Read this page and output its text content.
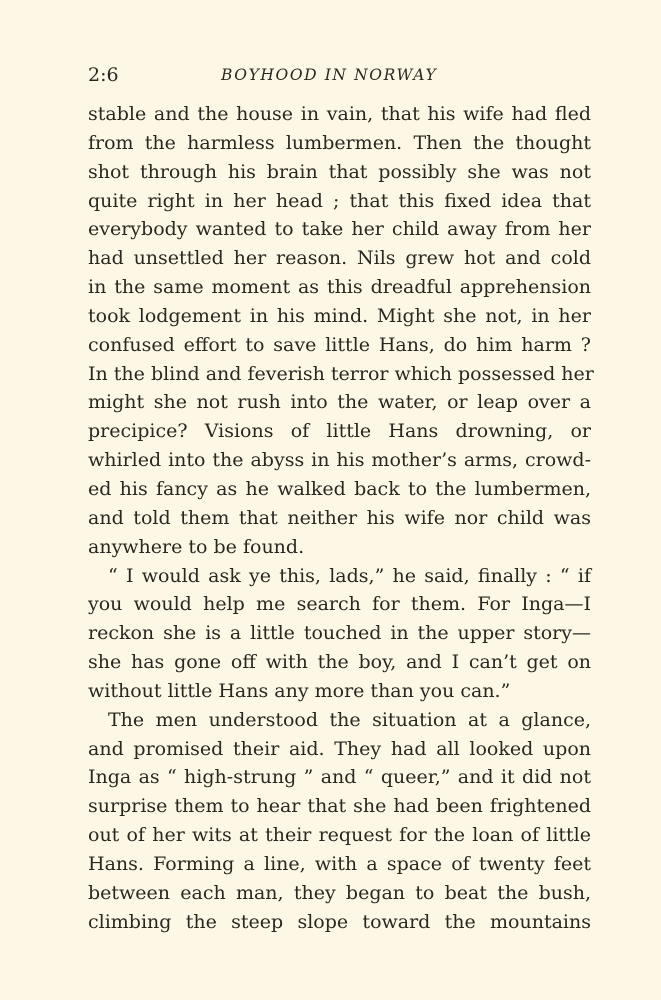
2:6	BOYHOOD IN NORWAY
stable and the house in vain, that his wife had fled
from the harmless lumbermen. Then the thought
shot through his brain that possibly she was not
quite right in her head ; that this fixed idea that
everybody wanted to take her child away from her
had unsettled her reason. Nils grew hot and cold
in the same moment as this dreadful apprehension
took lodgement in his mind. Might she not, in her
confused effort to save little Hans, do him harm ?
In the blind and feverish terror which possessed her
might she not rush into the water, or leap over a
precipice? Visions of little Hans drowning, or
whirled into the abyss in his mother’s arms, crowd-
ed his fancy as he walked back to the lumbermen,
and told them that neither his wife nor child was
anywhere to be found.
“ I would ask ye this, lads,” he said, finally : “ if
you would help me search for them. For Inga—I
reckon she is a little touched in the upper story—
she has gone off with the boy, and I can’t get on
without little Hans any more than you can.”
The men understood the situation at a glance,
and promised their aid. They had all looked upon
Inga as “ high-strung ” and “ queer,” and it did not
surprise them to hear that she had been frightened
out of her wits at their request for the loan of little
Hans. Forming a line, with a space of twenty feet
between each man, they began to beat the bush,
climbing the steep slope toward the mountains
